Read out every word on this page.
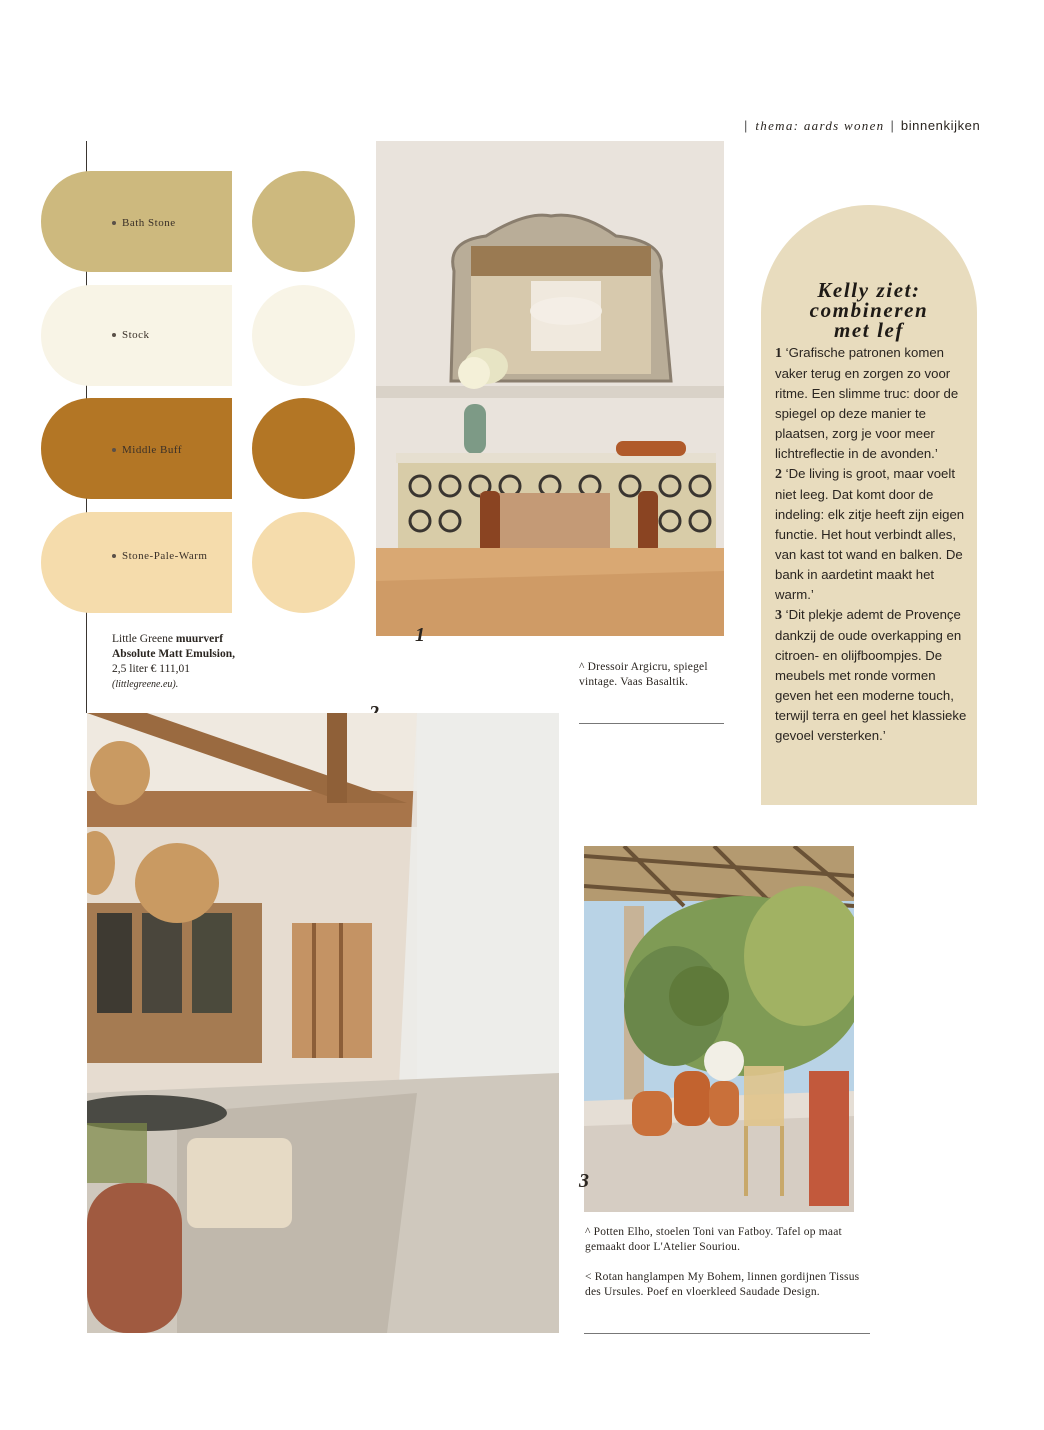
| thema: aards wonen | binnenkijken
Bath Stone
Stock
Middle Buff
Stone-Pale-Warm
Little Greene muurverf
Absolute Matt Emulsion,
2,5 liter € 111,01
(littlegreene.eu).
1
^ Dressoir Argicru, spiegel vintage. Vaas Basaltik.
3
^ Potten Elho, stoelen Toni van Fatboy. Tafel op maat gemaakt door L'Atelier Souriou.
< Rotan hanglampen My Bohem, linnen gordijnen Tissus des Ursules. Poef en vloerkleed Saudade Design.
Kelly ziet:
combineren
met lef
1 ‘Grafische patronen komen vaker terug en zorgen zo voor ritme. Een slimme truc: door de spiegel op deze manier te plaatsen, zorg je voor meer lichtreflectie in de avonden.’
2 ‘De living is groot, maar voelt niet leeg. Dat komt door de indeling: elk zitje heeft zijn eigen functie. Het hout verbindt alles, van kast tot wand en balken. De bank in aardetint maakt het warm.’
3 ‘Dit plekje ademt de Provençe dankzij de oude overkapping en citroen- en olijfboompjes. De meubels met ronde vormen geven het een moderne touch, terwijl terra en geel het klassieke gevoel versterken.’
